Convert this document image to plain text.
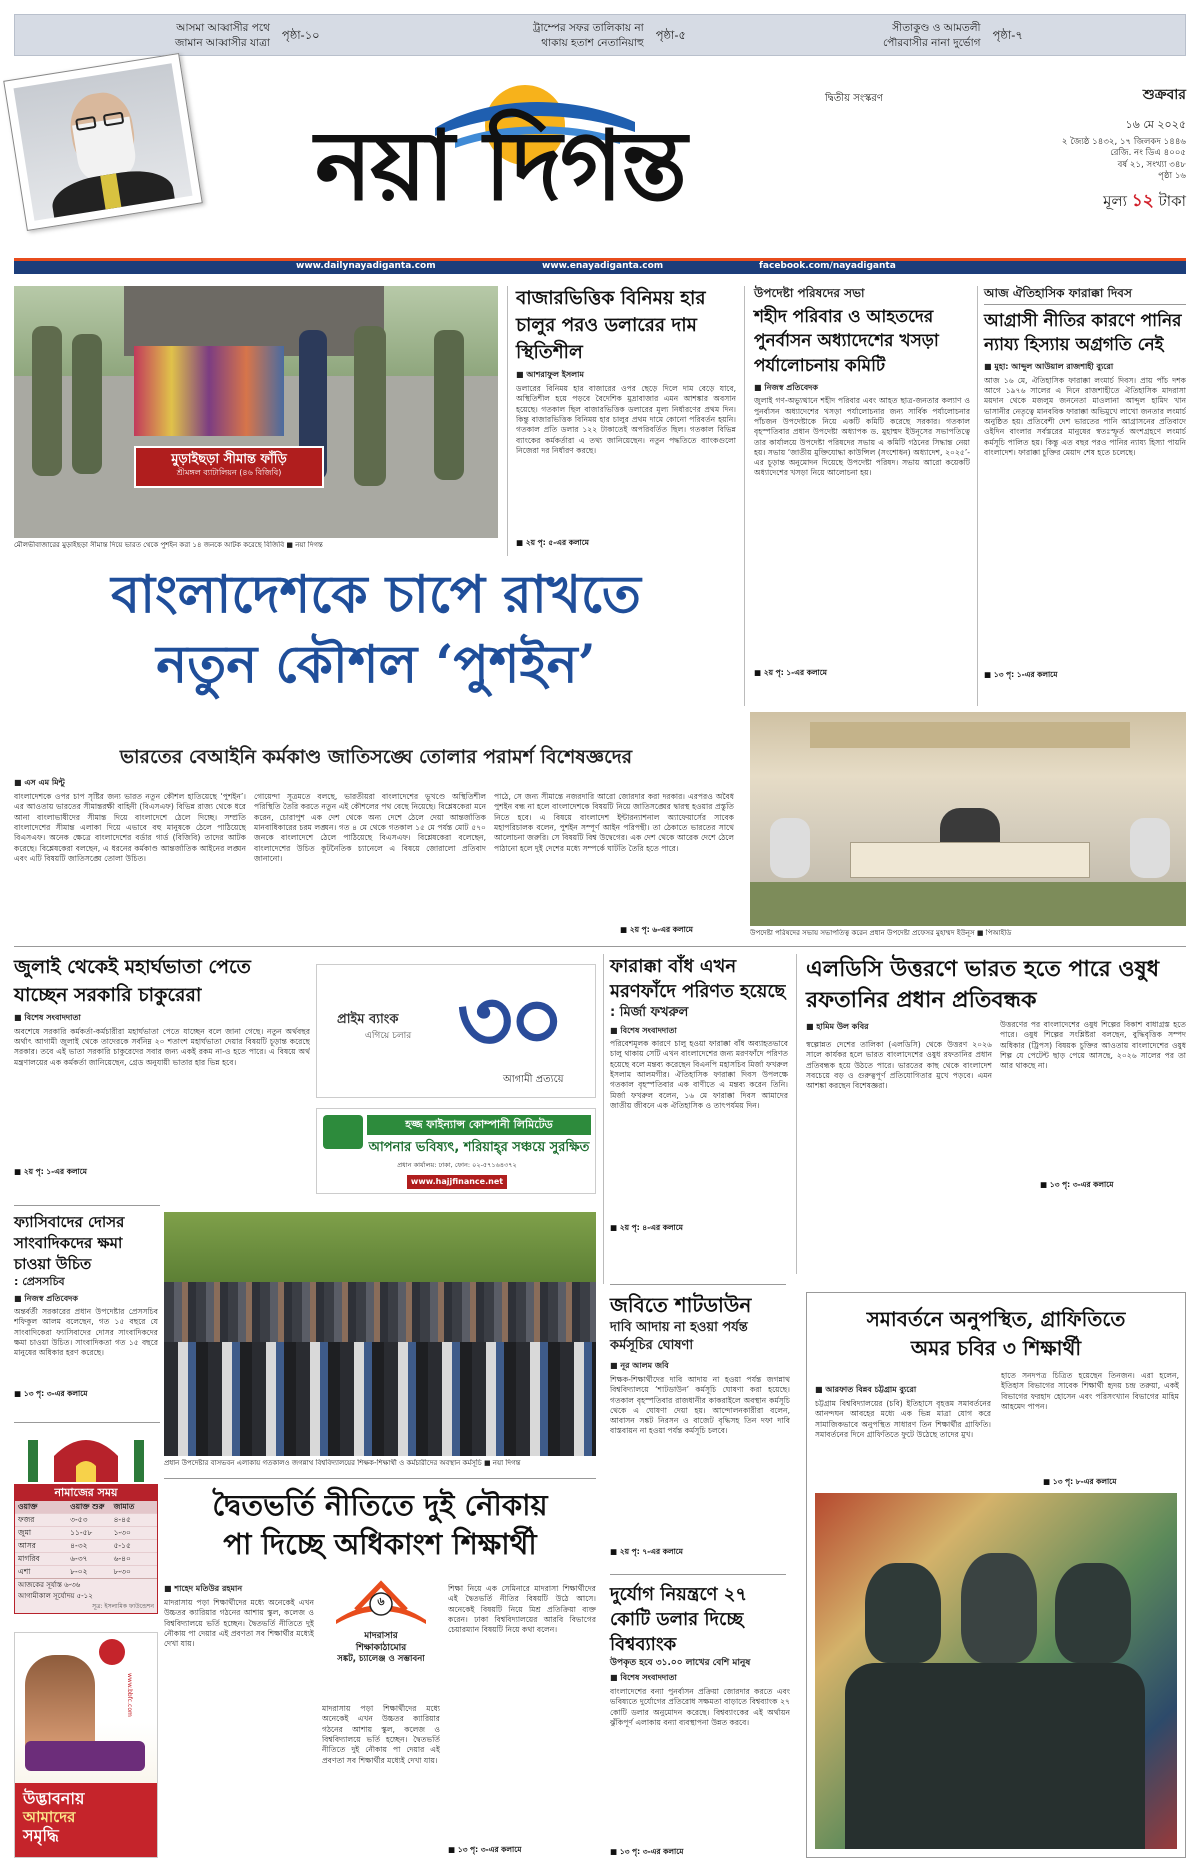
আসমা আব্বাসীর পথে
জামান আব্বাসীর যাত্রা
পৃষ্ঠা-১০
ট্রাম্পের সফর তালিকায় না
থাকায় হতাশ নেতানিয়াহু
পৃষ্ঠা-৫
সীতাকুণ্ড ও আমতলী
পৌরবাসীর নানা দুর্ভোগ
পৃষ্ঠা-৭
নয়া দিগন্ত
দ্বিতীয় সংস্করণ	শুক্রবার
১৬ মে ২০২৫
২ জ্যৈষ্ঠ ১৪৩২, ১৭ জিলকদ ১৪৪৬
রেজি. নং ডিএ ৪০০৫
বর্ষ ২১, সংখ্যা ৩৪৮
পৃষ্ঠা ১৬
মূল্য ১২ টাকা
www.dailynayadiganta.com	www.enayadiganta.com	facebook.com/nayadiganta
মুড়াইছড়া সীমান্ত ফাঁড়ি
শ্রীমঙ্গল ব্যাটালিয়ন (৪৬ বিজিবি)
মৌলভীবাজারের মুড়াইছড়া সীমান্ত দিয়ে ভারত থেকে পুশইন করা ১৪ জনকে আটক করেছে বিজিবি ■ নয়া দিগন্ত
বাজারভিত্তিক বিনিময় হার চালুর পরও ডলারের দাম স্থিতিশীল
■ আশরাফুল ইসলাম
ডলারের বিনিময় হার বাজারের ওপর ছেড়ে দিলে দাম বেড়ে যাবে, অস্থিতিশীল হয়ে পড়বে বৈদেশিক মুদ্রাবাজার এমন আশঙ্কার অবসান হয়েছে। গতকাল ছিল বাজারভিত্তিক ডলারের মূল্য নির্ধারণের প্রথম দিন। কিন্তু বাজারভিত্তিক বিনিময় হার চালুর প্রথম দামে কোনো পরিবর্তন হয়নি। গতকাল প্রতি ডলার ১২২ টাকাতেই অপরিবর্তিত ছিল। গতকাল বিভিন্ন ব্যাংকের কর্মকর্তারা এ তথ্য জানিয়েছেন। নতুন পদ্ধতিতে ব্যাংকগুলো নিজেরা দর নির্ধারণ করছে।
■ ২য় পৃ: ৫-এর কলামে
উপদেষ্টা পরিষদের সভা
শহীদ পরিবার ও আহতদের পুনর্বাসন অধ্যাদেশের খসড়া পর্যালোচনায় কমিটি
■ নিজস্ব প্রতিবেদক
জুলাই গণ-অভ্যুত্থানে শহীদ পরিবার এবং আহত ছাত্র-জনতার কল্যাণ ও পুনর্বাসন অধ্যাদেশের খসড়া পর্যালোচনার জন্য সার্বিক পর্যালোচনার পাঁচজন উপদেষ্টাকে নিয়ে একটি কমিটি করেছে সরকার। গতকাল বৃহস্পতিবার প্রধান উপদেষ্টা অধ্যাপক ড. মুহাম্মদ ইউনূসের সভাপতিত্বে তার কার্যালয়ে উপদেষ্টা পরিষদের সভায় এ কমিটি গঠনের সিদ্ধান্ত নেয়া হয়। সভায় ‘জাতীয় মুক্তিযোদ্ধা কাউন্সিল (সংশোধন) অধ্যাদেশ, ২০২৫’-এর চূড়ান্ত অনুমোদন দিয়েছে উপদেষ্টা পরিষদ। সভায় আরো কয়েকটি অধ্যাদেশের খসড়া নিয়ে আলোচনা হয়।
■ ২য় পৃ: ১-এর কলামে
আজ ঐতিহাসিক ফারাক্কা দিবস
আগ্রাসী নীতির কারণে পানির ন্যায্য হিস্যায় অগ্রগতি নেই
■ মুহা: আব্দুল আউয়াল রাজশাহী ব্যুরো
আজ ১৬ মে, ঐতিহাসিক ফারাক্কা লংমার্চ দিবস। প্রায় পাঁচ দশক আগে ১৯৭৬ সালের এ দিনে রাজশাহীতে ঐতিহাসিক মাদরাসা ময়দান থেকে মজলুম জননেতা মাওলানা আব্দুল হামিদ খান ভাসানীর নেতৃত্বে মানববিক ফারাক্কা অভিমুখে লাখো জনতার লংমার্চ অনুষ্ঠিত হয়। প্রতিবেশী দেশ ভারতের পানি আগ্রাসনের প্রতিবাদে ওইদিন বাংলার সর্বস্তরের মানুষের স্বতঃস্ফূর্ত অংশগ্রহণে লংমার্চ কর্মসূচি পালিত হয়। কিন্তু এত বছর পরও পানির ন্যায্য হিস্যা পায়নি বাংলাদেশ। ফারাক্কা চুক্তির মেয়াদ শেষ হতে চলেছে।
■ ১৩ পৃ: ১-এর কলামে
বাংলাদেশকে চাপে রাখতে
নতুন কৌশল ‘পুশইন’
ভারতের বেআইনি কর্মকাণ্ড জাতিসঙ্ঘে তোলার পরামর্শ বিশেষজ্ঞদের
■ এস এম মিন্টু
বাংলাদেশকে ওপর চাপ সৃষ্টির জন্য ভারত নতুন কৌশল হাতিয়েছে ‘পুশইন’। এর আওতায় ভারতের সীমান্তরক্ষী বাহিনী (বিএসএফ) বিভিন্ন রাজ্য থেকে ধরে আনা বাংলাভাষীদের সীমান্ত দিয়ে বাংলাদেশে ঠেলে দিচ্ছে। সম্প্রতি বাংলাদেশের সীমান্ত এলাকা দিয়ে এভাবে বহু মানুষকে ঠেলে পাঠিয়েছে বিএসএফ। অনেক ক্ষেত্রে বাংলাদেশের বর্ডার গার্ড (বিজিবি) তাদের আটক করেছে। বিশ্লেষকেরা বলছেন, এ ধরনের কর্মকাণ্ড আন্তর্জাতিক আইনের লঙ্ঘন এবং এটি বিষয়টি জাতিসঙ্ঘে তোলা উচিত।
গোয়েন্দা সূত্রমতে বলছে, ভারতীয়রা বাংলাদেশের ভূখণ্ডে অস্থিতিশীল পরিস্থিতি তৈরি করতে নতুন এই কৌশলের পথ বেছে নিয়েছে। বিশ্লেষকেরা মনে করেন, চোরাপুশ এক দেশ থেকে অন্য দেশে ঠেলে দেয়া আন্তর্জাতিক মানবাধিকারের চরম লঙ্ঘন। গত ৪ মে থেকে গতকাল ১৫ মে পর্যন্ত মোট ৫৭০ জনকে বাংলাদেশে ঠেলে পাঠিয়েছে বিএসএফ। বিশ্লেষকেরা বলেছেন, বাংলাদেশের উচিত কূটনৈতিক চ্যানেলে এ বিষয়ে জোরালো প্রতিবাদ জানানো।
পাঠে, সে জন্য সীমান্তে নজরদারি আরো জোরদার করা দরকার। এরপরও অবৈধ পুশইন বন্ধ না হলে বাংলাদেশকে বিষয়টি নিয়ে জাতিসঙ্ঘের দ্বারস্থ হওয়ার প্রস্তুতি নিতে হবে। এ বিষয়ে বাংলাদেশ ইন্টারন্যাশনাল অ্যাফেয়ার্সের সাবেক মহাপরিচালক বলেন, পুশইন সম্পূর্ণ আইন পরিপন্থী। তা ঠেকাতে ভারতের সাথে আলোচনা জরুরি। সে বিষয়টি বিশ্ব উদ্বেগের। এক দেশ থেকে আরেক দেশে ঠেলে পাঠানো হলে দুই দেশের মধ্যে সম্পর্কে ঘাটতি তৈরি হতে পারে।
■ ২য় পৃ: ৬-এর কলামে	উপদেষ্টা পরিষদের সভায় সভাপতিত্ব করেন প্রধান উপদেষ্টা প্রফেসর মুহাম্মদ ইউনূস ■ পিআইডি
জুলাই থেকেই মহার্ঘভাতা পেতে যাচ্ছেন সরকারি চাকুরেরা
■ বিশেষ সংবাদদাতা
অবশেষে সরকারি কর্মকর্তা-কর্মচারীরা মহার্ঘভাতা পেতে যাচ্ছেন বলে জানা গেছে। নতুন অর্থবছর অর্থাৎ আগামী জুলাই থেকে তাদেরকে সর্বনিম্ন ২০ শতাংশ মহার্ঘভাতা দেয়ার বিষয়টি চূড়ান্ত করেছে সরকার। তবে এই ভাতা সরকারি চাকুরেদের সবার জন্য একই রকম না-ও হতে পারে। এ বিষয়ে অর্থ মন্ত্রণালয়ের এক কর্মকর্তা জানিয়েছেন, গ্রেড অনুযায়ী ভাতার হার ভিন্ন হবে।
■ ২য় পৃ: ১-এর কলামে
প্রাইম ব্যাংক
এগিয়ে চলার ৩০
আগামী প্রত্যয়ে
হজ্জ ফাইন্যান্স কোম্পানী লিমিটেড
আপনার ভবিষ্যৎ, শরিয়াহ্‌র সঞ্চয়ে সুরক্ষিত
প্রধান কার্যালয়: ঢাকা, ফোন: ০২-৫৭১৬৪৩৭২
www.hajjfinance.net
ফারাক্কা বাঁধ এখন মরণফাঁদে পরিণত হয়েছে
: মির্জা ফখরুল
■ বিশেষ সংবাদদাতা
পরিবেশমূলক কারণে চালু হওয়া ফারাক্কা বাঁধ অব্যাহতভাবে চালু থাকায় সেটি এখন বাংলাদেশের জন্য মরণফাঁদে পরিণত হয়েছে বলে মন্তব্য করেছেন বিএনপি মহাসচিব মির্জা ফখরুল ইসলাম আলমগীর। ঐতিহাসিক ফারাক্কা দিবস উপলক্ষে গতকাল বৃহস্পতিবার এক বাণীতে এ মন্তব্য করেন তিনি। মির্জা ফখরুল বলেন, ১৬ মে ফারাক্কা দিবস আমাদের জাতীয় জীবনে এক ঐতিহাসিক ও তাৎপর্যময় দিন।
■ ২য় পৃ: ৪-এর কলামে
এলডিসি উত্তরণে ভারত হতে পারে ওষুধ রফতানির প্রধান প্রতিবন্ধক
■ হামিম উল কবির
স্বল্পোন্নত দেশের তালিকা (এলডিসি) থেকে উত্তরণ ২০২৬ সালে কার্যকর হলে ভারত বাংলাদেশের ওষুধ রফতানির প্রধান প্রতিবন্ধক হয়ে উঠতে পারে। ভারতের কাছ থেকে বাংলাদেশ সবচেয়ে বড় ও গুরুত্বপূর্ণ প্রতিযোগিতার মুখে পড়বে। এমন আশঙ্কা করছেন বিশেষজ্ঞরা।
উত্তরণের পর বাংলাদেশের ওষুধ শিল্পের বিকাশ বাধাগ্রস্ত হতে পারে। ওষুধ শিল্পের সংশ্লিষ্টরা বলছেন, বুদ্ধিবৃত্তিক সম্পদ অধিকার (ট্রিপস) বিষয়ক চুক্তির আওতায় বাংলাদেশের ওষুধ শিল্প যে পেটেন্ট ছাড় পেয়ে আসছে, ২০২৬ সালের পর তা আর থাকছে না।
■ ১৩ পৃ: ৩-এর কলামে
ফ্যাসিবাদের দোসর সাংবাদিকদের ক্ষমা চাওয়া উচিত
: প্রেসসচিব
■ নিজস্ব প্রতিবেদক
অন্তর্বর্তী সরকারের প্রধান উপদেষ্টার প্রেসসচিব শফিকুল আলম বলেছেন, গত ১৫ বছরে যে সাংবাদিকেরা ফ্যাসিবাদের দোসর সাংবাদিকদের ক্ষমা চাওয়া উচিত। সাংবাদিকতা গত ১৫ বছরে মানুষের অধিকার হরণ করেছে।
■ ১৩ পৃ: ৩-এর কলামে
প্রধান উপদেষ্টার বাসভবন এলাকায় গতকালও জগন্নাথ বিশ্ববিদ্যালয়ের শিক্ষক-শিক্ষার্থী ও কর্মচারীদের অবস্থান কর্মসূচি ■ নয়া দিগন্ত
জবিতে শাটডাউন
দাবি আদায় না হওয়া পর্যন্ত কর্মসূচির ঘোষণা
■ নূর আলম জবি
শিক্ষক-শিক্ষার্থীদের দাবি আদায় না হওয়া পর্যন্ত জগন্নাথ বিশ্ববিদ্যালয়ে ‘শাটডাউন’ কর্মসূচি ঘোষণা করা হয়েছে। গতকাল বৃহস্পতিবার রাজধানীর কাকরাইলে অবস্থান কর্মসূচি থেকে এ ঘোষণা দেয়া হয়। আন্দোলনকারীরা বলেন, আবাসন সঙ্কট নিরসন ও বাজেট বৃদ্ধিসহ তিন দফা দাবি বাস্তবায়ন না হওয়া পর্যন্ত কর্মসূচি চলবে।
■ ২য় পৃ: ৭-এর কলামে
সমাবর্তনে অনুপস্থিত, গ্রাফিতিতে
অমর চবির ৩ শিক্ষার্থী
■ আরফাত বিন্নব চট্টগ্রাম ব্যুরো
চট্টগ্রাম বিশ্ববিদ্যালয়ের (চবি) ইতিহাসে বৃহত্তম সমাবর্তনের আনন্দঘন আবহের মধ্যে এক ভিন্ন মাত্রা যোগ করে সামাজিকভাবে অনুপস্থিত সাধারণ তিন শিক্ষার্থীর গ্রাফিতি। সমাবর্তনের দিনে গ্রাফিতিতে ফুটে উঠেছে তাদের মুখ।
হাতে সনদপত্র চিত্রিত হয়েছেন তিনজন। এরা হলেন, ইতিহাস বিভাগের সাবেক শিক্ষার্থী হৃদয় চন্দ্র তরুয়া, একই বিভাগের ফরহাদ হোসেন এবং পরিসংখ্যান বিভাগের মাহিম আহমেদ পাপন।
■ ১৩ পৃ: ৮-এর কলামে
নামাজের সময়
ওয়াক্ত	ওয়াক্ত শুরু	জামাত
ফজর	৩-৫৩	৪-৪৫
জুমা	১১-৫৮	১-৩০
আসর	৪-৩২	৫-১৫
মাগরিব	৬-৩৭	৬-৪০
এশা	৮-০২	৮-৩০
আজকের সূর্যাস্ত ৬-৩৬
আগামীকাল সূর্যোদয় ৫-১২
সূত্র: ইসলামিক ফাউন্ডেশন
www.bbfc.com
উদ্ভাবনায়
আমাদের
সমৃদ্ধি
দ্বৈতভর্তি নীতিতে দুই নৌকায়
পা দিচ্ছে অধিকাংশ শিক্ষার্থী
■ শাহেদ মতিউর রহমান
মাদরাসায় পড়া শিক্ষার্থীদের মধ্যে অনেকেই এখন উচ্চতর ক্যারিয়ার গঠনের আশায় স্কুল, কলেজ ও বিশ্ববিদ্যালয়ে ভর্তি হচ্ছেন। দ্বৈতভর্তি নীতিতে দুই নৌকায় পা দেয়ার এই প্রবণতা সব শিক্ষার্থীর মধ্যেই দেখা যায়।
৬
মাদরাসার
শিক্ষাকাঠামোর
সঙ্কট, চ্যালেঞ্জ ও সম্ভাবনা
মাদরাসায় পড়া শিক্ষার্থীদের মধ্যে অনেকেই এখন উচ্চতর ক্যারিয়ার গঠনের আশায় স্কুল, কলেজ ও বিশ্ববিদ্যালয়ে ভর্তি হচ্ছেন। দ্বৈতভর্তি নীতিতে দুই নৌকায় পা দেয়ার এই প্রবণতা সব শিক্ষার্থীর মধ্যেই দেখা যায়।
শিক্ষা নিয়ে এক সেমিনারে মাদরাসা শিক্ষার্থীদের এই দ্বৈতভর্তি নীতির বিষয়টি উঠে আসে। অনেকেই বিষয়টি নিয়ে মিশ্র প্রতিক্রিয়া ব্যক্ত করেন। ঢাকা বিশ্ববিদ্যালয়ের আরবি বিভাগের চেয়ারম্যান বিষয়টি নিয়ে কথা বলেন।
■ ১৩ পৃ: ৩-এর কলামে
দুর্যোগ নিয়ন্ত্রণে ২৭ কোটি ডলার দিচ্ছে বিশ্বব্যাংক
উপকৃত হবে ৩১.০০ লাখের বেশি মানুষ
■ বিশেষ সংবাদদাতা
বাংলাদেশের বন্যা পুনর্বাসন প্রক্রিয়া জোরদার করতে এবং ভবিষ্যতে দুর্যোগের প্রতিরোধ সক্ষমতা বাড়াতে বিশ্বব্যাংক ২৭ কোটি ডলার অনুমোদন করেছে। বিশ্বব্যাংকের এই অর্থায়ন ঝুঁকিপূর্ণ এলাকায় বন্যা ব্যবস্থাপনা উন্নত করবে।
■ ১৩ পৃ: ৩-এর কলামে
